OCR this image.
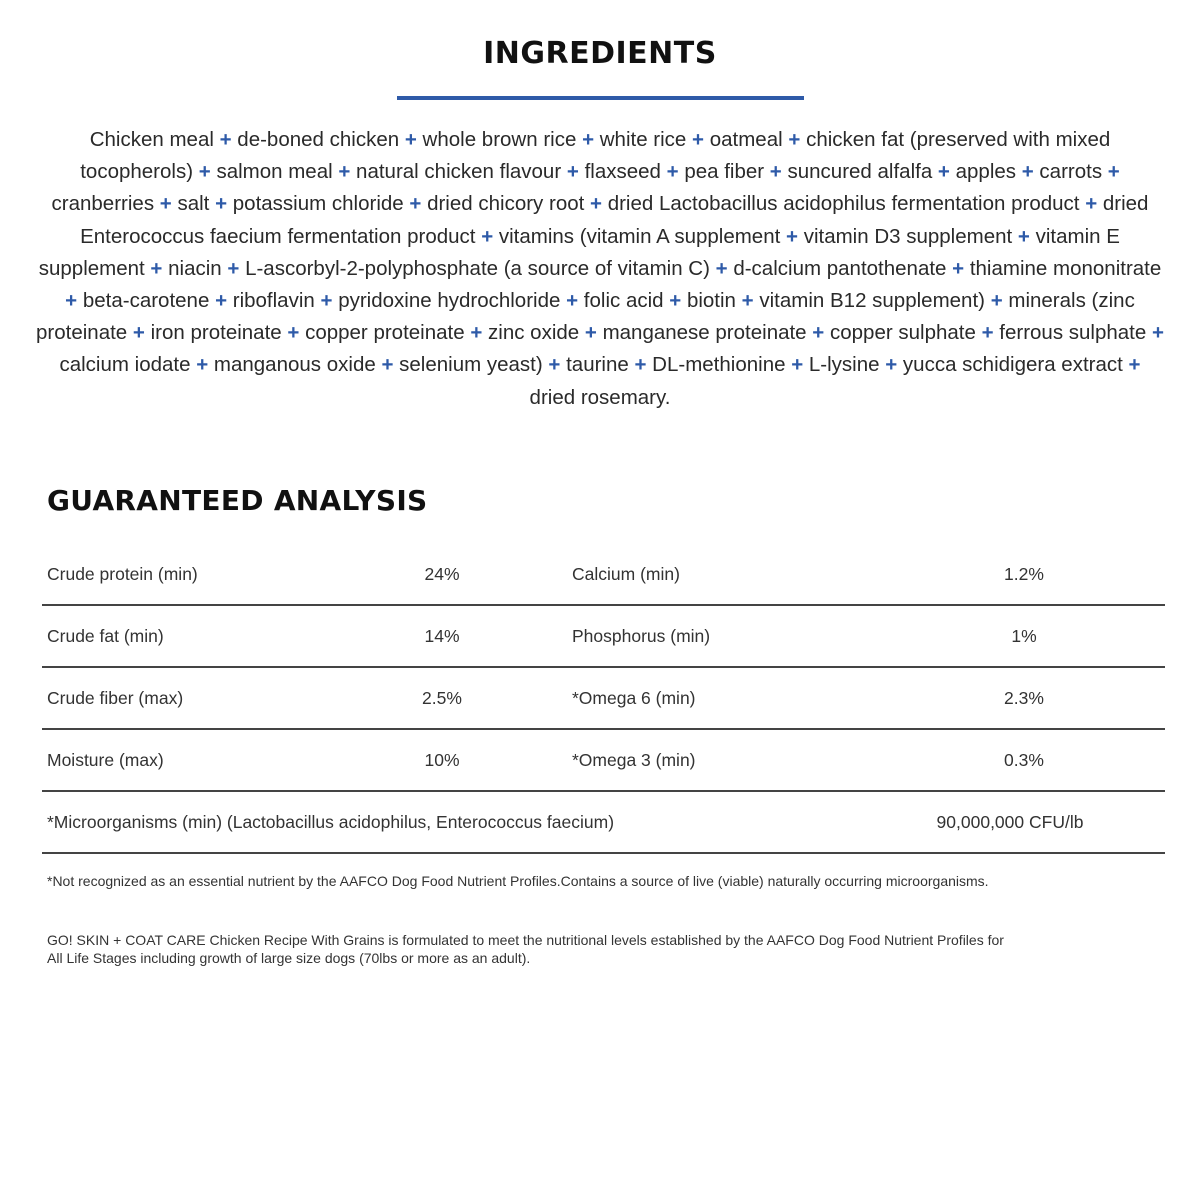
INGREDIENTS

Chicken meal + de-boned chicken + whole brown rice + white rice + oatmeal + chicken fat (preserved with mixed tocopherols) + salmon meal + natural chicken flavour + flaxseed + pea fiber + suncured alfalfa + apples + carrots + cranberries + salt + potassium chloride + dried chicory root + dried Lactobacillus acidophilus fermentation product + dried Enterococcus faecium fermentation product + vitamins (vitamin A supplement + vitamin D3 supplement + vitamin E supplement + niacin + L-ascorbyl-2-polyphosphate (a source of vitamin C) + d-calcium pantothenate + thiamine mononitrate + beta-carotene + riboflavin + pyridoxine hydrochloride + folic acid + biotin + vitamin B12 supplement) + minerals (zinc proteinate + iron proteinate + copper proteinate + zinc oxide + manganese proteinate + copper sulphate + ferrous sulphate + calcium iodate + manganous oxide + selenium yeast) + taurine + DL-methionine + L-lysine + yucca schidigera extract + dried rosemary.

GUARANTEED ANALYSIS
Crude protein (min)	24%	Calcium (min)	1.2%
Crude fat (min)	14%	Phosphorus (min)	1%
Crude fiber (max)	2.5%	*Omega 6 (min)	2.3%
Moisture (max)	10%	*Omega 3 (min)	0.3%
*Microorganisms (min) (Lactobacillus acidophilus, Enterococcus faecium)	90,000,000 CFU/lb

*Not recognized as an essential nutrient by the AAFCO Dog Food Nutrient Profiles.Contains a source of live (viable) naturally occurring microorganisms.

GO! SKIN + COAT CARE Chicken Recipe With Grains is formulated to meet the nutritional levels established by the AAFCO Dog Food Nutrient Profiles for
All Life Stages including growth of large size dogs (70lbs or more as an adult).
